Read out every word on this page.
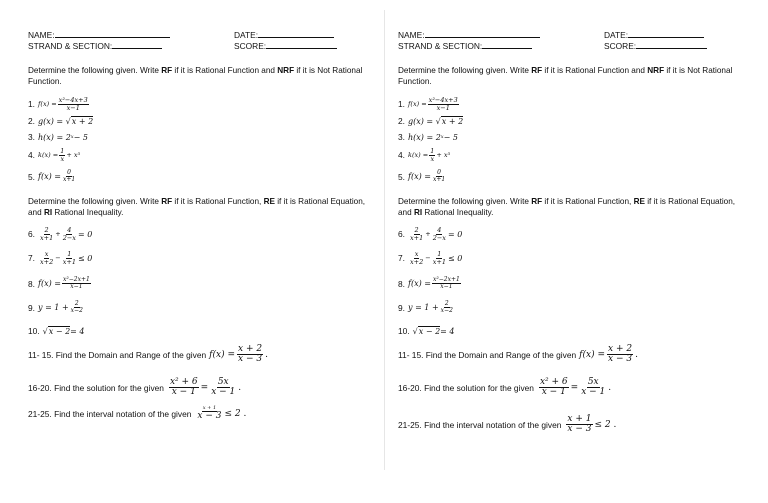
NAME:	DATE:
STRAND & SECTION:	SCORE:
Determine the following given. Write RF if it is Rational Function and NRF if it is Not Rational Function.
1. $f(x) = \frac{\text{x²−4x+3}}{x-1}$
2. g(x) = √ x + 2
3. h(x) = 2 x − 5
4. $k(x) = \frac{1}{x} + x^3$
5. $f(x) = \frac{0}{x+1}$
Determine the following given. Write RF if it is Rational Function, RE if it is Rational Equation, and RI Rational Inequality.
6. $\frac{2}{x+1} + \frac{4}{2-x} = 0$
7. $\frac{x}{x+2} - \frac{1}{x+1} \le 0$
8. $f(x) = \frac{\text{x²−2x+1}}{x-1}$
9. $y = 1 + \frac{2}{x-2}$
10. √ x − 2 = 4
11- 15. Find the Domain and Range of the given $f(x) = \frac{x + 2}{x - 3}$ .
16-20. Find the solution for the given $\frac{\text{x² + 6}}{x - 1} = \frac{5x}{x - 1}$ .
21-25. Find the interval notation of the given $\frac{x + 1}{x - 3} \le 2$ .
NAME:	DATE:
STRAND & SECTION:	SCORE:
Determine the following given. Write RF if it is Rational Function and NRF if it is Not Rational Function.
1. $f(x) = \frac{\text{x²−4x+3}}{x-1}$
2. g(x) = √ x + 2
3. h(x) = 2 x − 5
4. $k(x) = \frac{1}{x} + x^3$
5. $f(x) = \frac{0}{x+1}$
Determine the following given. Write RF if it is Rational Function, RE if it is Rational Equation, and RI Rational Inequality.
6. $\frac{2}{x+1} + \frac{4}{2-x} = 0$
7. $\frac{x}{x+2} - \frac{1}{x+1} \le 0$
8. $f(x) = \frac{\text{x²−2x+1}}{x-1}$
9. $y = 1 + \frac{2}{x-2}$
10. √ x − 2 = 4
11- 15. Find the Domain and Range of the given $f(x) = \frac{x + 2}{x - 3}$ .
16-20. Find the solution for the given $\frac{\text{x² + 6}}{x - 1} = \frac{5x}{x - 1}$ .
21-25. Find the interval notation of the given $\frac{x + 1}{x - 3} \le 2$ .
